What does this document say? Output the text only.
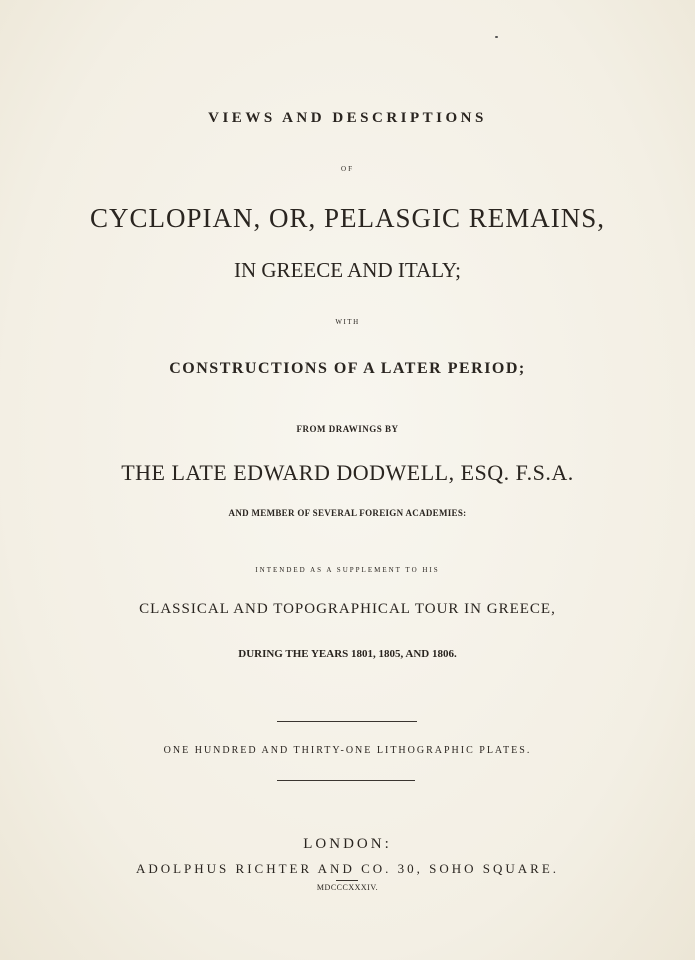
VIEWS AND DESCRIPTIONS
OF
CYCLOPIAN, OR, PELASGIC REMAINS,
IN GREECE AND ITALY;
WITH
CONSTRUCTIONS OF A LATER PERIOD;
FROM DRAWINGS BY
THE LATE EDWARD DODWELL, ESQ. F.S.A.
AND MEMBER OF SEVERAL FOREIGN ACADEMIES:
INTENDED AS A SUPPLEMENT TO HIS
CLASSICAL AND TOPOGRAPHICAL TOUR IN GREECE,
DURING THE YEARS 1801, 1805, AND 1806.
ONE HUNDRED AND THIRTY-ONE LITHOGRAPHIC PLATES.
LONDON:
ADOLPHUS RICHTER AND CO. 30, SOHO SQUARE.
MDCCCXXXIV.
